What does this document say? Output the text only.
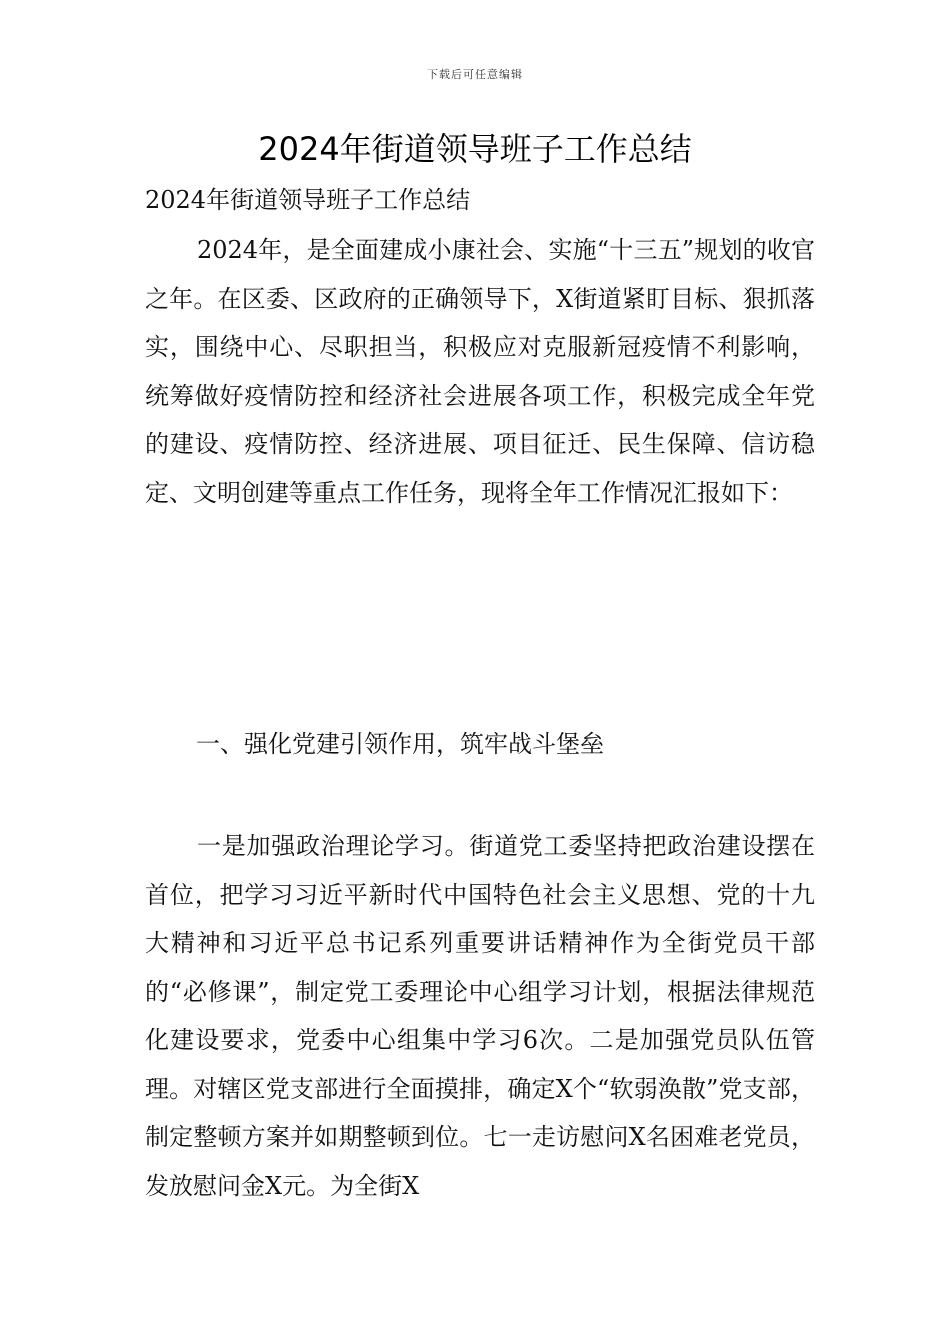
下载后可任意编辑
2024年街道领导班子工作总结
2024年街道领导班子工作总结

2024年，是全面建成小康社会、实施“十三五”规划的收官之年。在区委、区政府的正确领导下，X街道紧盯目标、狠抓落实，围绕中心、尽职担当，积极应对克服新冠疫情不利影响，统筹做好疫情防控和经济社会进展各项工作，积极完成全年党的建设、疫情防控、经济进展、项目征迁、民生保障、信访稳定、文明创建等重点工作任务，现将全年工作情况汇报如下：

一、强化党建引领作用，筑牢战斗堡垒

一是加强政治理论学习。街道党工委坚持把政治建设摆在首位，把学习习近平新时代中国特色社会主义思想、党的十九大精神和习近平总书记系列重要讲话精神作为全街党员干部的“必修课”，制定党工委理论中心组学习计划，根据法律规范化建设要求，党委中心组集中学习6次。二是加强党员队伍管理。对辖区党支部进行全面摸排，确定X个“软弱涣散”党支部，制定整顿方案并如期整顿到位。七一走访慰问X名困难老党员，发放慰问金X元。为全街X
